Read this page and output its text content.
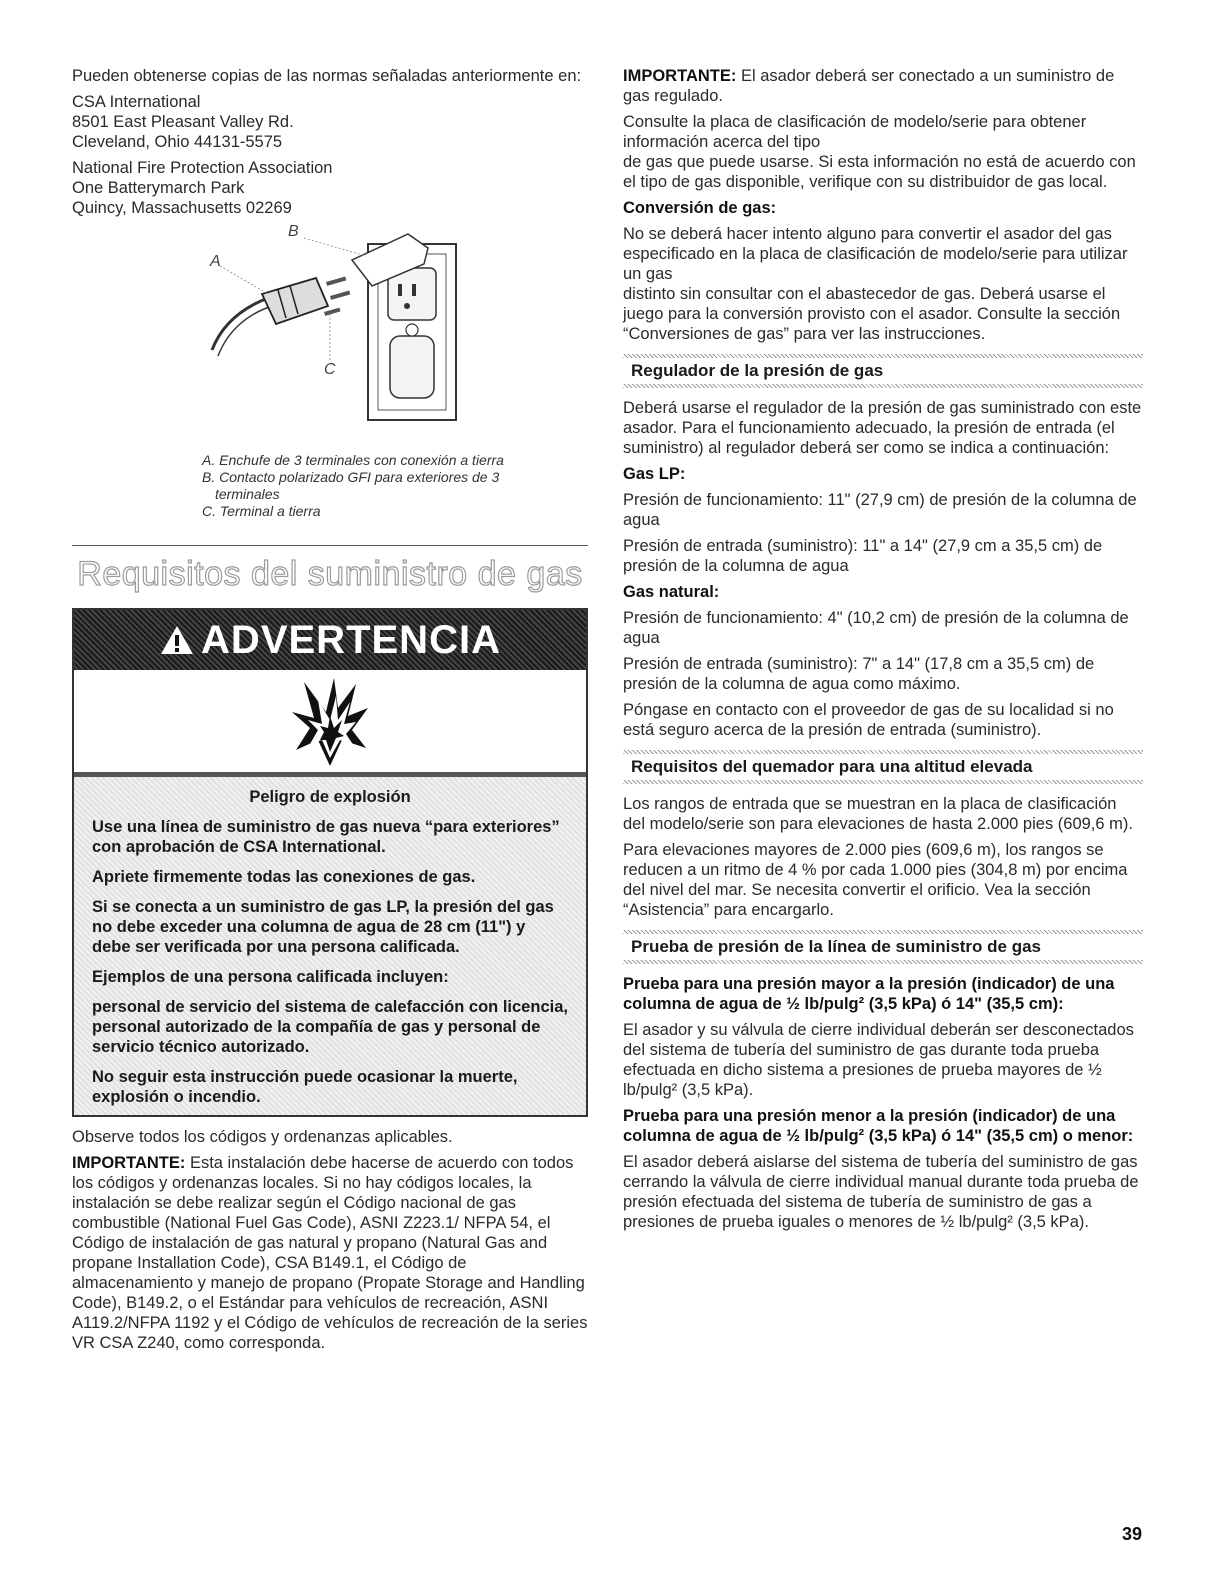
Pueden obtenerse copias de las normas señaladas anteriormente en:

CSA International
8501 East Pleasant Valley Rd.
Cleveland, Ohio 44131-5575

National Fire Protection Association
One Batterymarch Park
Quincy, Massachusetts 02269

B
A
C
A. Enchufe de 3 terminales con conexión a tierra
B. Contacto polarizado GFI para exteriores de 3
terminales
C. Terminal a tierra
Requisitos del suministro de gas
ADVERTENCIA
Peligro de explosión
Use una línea de suministro de gas nueva “para exteriores” con aprobación de CSA International.
Apriete firmemente todas las conexiones de gas.
Si se conecta a un suministro de gas LP, la presión del gas no debe exceder una columna de agua de 28 cm (11") y debe ser verificada por una persona calificada.
Ejemplos de una persona calificada incluyen:
personal de servicio del sistema de calefacción con licencia, personal autorizado de la compañía de gas y personal de servicio técnico autorizado.
No seguir esta instrucción puede ocasionar la muerte, explosión o incendio.

Observe todos los códigos y ordenanzas aplicables.

IMPORTANTE: Esta instalación debe hacerse de acuerdo con todos los códigos y ordenanzas locales. Si no hay códigos locales, la instalación se debe realizar según el Código nacional de gas combustible (National Fuel Gas Code), ASNI Z223.1/ NFPA 54, el Código de instalación de gas natural y propano (Natural Gas and propane Installation Code), CSA B149.1, el Código de almacenamiento y manejo de propano (Propate Storage and Handling Code), B149.2, o el Estándar para vehículos de recreación, ASNI A119.2/NFPA 1192 y el Código de vehículos de recreación de la series VR CSA Z240, como corresponda.

IMPORTANTE: El asador deberá ser conectado a un suministro de gas regulado.

Consulte la placa de clasificación de modelo/serie para obtener información acerca del tipo

de gas que puede usarse. Si esta información no está de acuerdo con el tipo de gas disponible, verifique con su distribuidor de gas local.

Conversión de gas:

No se deberá hacer intento alguno para convertir el asador del gas especificado en la placa de clasificación de modelo/serie para utilizar un gas

distinto sin consultar con el abastecedor de gas. Deberá usarse el juego para la conversión provisto con el asador. Consulte la sección “Conversiones de gas” para ver las instrucciones.

Regulador de la presión de gas

Deberá usarse el regulador de la presión de gas suministrado con este asador. Para el funcionamiento adecuado, la presión de entrada (el suministro) al regulador deberá ser como se indica a continuación:

Gas LP:

Presión de funcionamiento: 11" (27,9 cm) de presión de la columna de agua

Presión de entrada (suministro): 11" a 14" (27,9 cm a 35,5 cm) de presión de la columna de agua

Gas natural:

Presión de funcionamiento: 4" (10,2 cm) de presión de la columna de agua

Presión de entrada (suministro): 7" a 14" (17,8 cm a 35,5 cm) de presión de la columna de agua como máximo.

Póngase en contacto con el proveedor de gas de su localidad si no está seguro acerca de la presión de entrada (suministro).

Requisitos del quemador para una altitud elevada

Los rangos de entrada que se muestran en la placa de clasificación del modelo/serie son para elevaciones de hasta 2.000 pies (609,6 m).

Para elevaciones mayores de 2.000 pies (609,6 m), los rangos se reducen a un ritmo de 4 % por cada 1.000 pies (304,8 m) por encima del nivel del mar. Se necesita convertir el orificio. Vea la sección “Asistencia” para encargarlo.

Prueba de presión de la línea de suministro de gas

Prueba para una presión mayor a la presión (indicador) de una columna de agua de ½ lb/pulg² (3,5 kPa) ó 14" (35,5 cm):

El asador y su válvula de cierre individual deberán ser desconectados del sistema de tubería del suministro de gas durante toda prueba efectuada en dicho sistema a presiones de prueba mayores de ½ lb/pulg² (3,5 kPa).

Prueba para una presión menor a la presión (indicador) de una columna de agua de ½ lb/pulg² (3,5 kPa) ó 14" (35,5 cm) o menor:

El asador deberá aislarse del sistema de tubería del suministro de gas cerrando la válvula de cierre individual manual durante toda prueba de presión efectuada del sistema de tubería de suministro de gas a presiones de prueba iguales o menores de ½ lb/pulg² (3,5 kPa).

39
